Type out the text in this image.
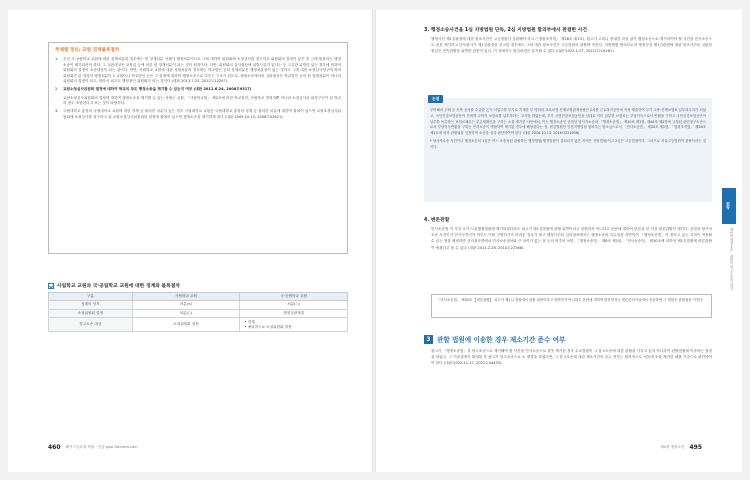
주제별 정리: 교원 징계불복절차
1.	우선 국·공립학교 교원에 대한 징계처분의 경우에는 헌 징계처분 자체가 행정처분이므로 그에 대하여 위원회에 소청심사를 청구하고 위원회의 결정이 있은 후 그에 불복하는 행정소송이 제기되어야 한다. 그 심판대상은 교육감 등에 의한 원 징계처분이 되는 것이 원칙이다. 다만, 위원회의 심사절차에 위법사유가 있다는 등 고유한 위법이 있는 경우에 한하여 위원회의 결정이 소송대상이 되는 것이다. 반면, 사립학교 교원에 대한 징계처분의 경우에는 학교법인 등의 징계처분은 행정처분성이 없는 것이고 그에 대한 소청심사청구에 따라 위원회가 한 결정이 행정처분이고 교원이나 학교법인 등은 그 결정에 대하여 행정소송으로 다투는 구조가 되므로, 행정소송에서의 심판대상은 학교법인 등의 원 징계처분이 아니라 위원회의 결정이 되고, 따라서 피고도 행정청인 위원회가 되는 것이다 (대판 2013.7.25, 2012두12297).

2.	교원소청심사위원회 결정에 대하여 학교의 장도 행정소송을 제기할 수 있는지 여부 (대판 2011.6.24, 2008두9317)

교원소청심사위원회의 결정에 대하여 행정소송을 제기할 수 있는 자에는 교원, 「사립학교법」 제2조에 의한 학교법인, 사립학교 경영자뿐 아니라 소청심사의 피청구인이 된 학교의 장도 포함된다고 보는 것이 타당하다.

3.	국립대학교 총장의 국립대학교 교원에 대한 징계 등 불리한 처분이 있는 경우 국립대학교 교원은 국립대학교 총장의 징계 등 불리한 처분에 대하여 불복이 있으면 교원소청심사위원회에 소청심사를 청구하고 위 교원소청심사위원회의 결정에 불복이 있으면 행정소송을 제기하게 된다 (대판 2009.10.15, 2008다32621).

사립학교 교원과 국·공립학교 교원에 대한 징계와 불복절차
구분	사립학교 교원	국·공립학교 교원
징계의 성격	처분(×)	처분(○)
소청위원회 결정	처분(○)	행정심판재결
항고소송 대상	소청위원회 결정	• 징계
• 예외적으로 소청위원회 결정
460 해커스공무원 학원 · 인강 gosi.Hackers.com
3. 행정소송사건을 1심 지방법원 단독, 2심 지방법원 합의부에서 판결한 사건
행정사건 제1심판결에 대한 항소사건은 고등법원이 심판해야 하고 (「법원조직법」 제28조 제1호), 원고가 고의나 중대한 과실 없이 행정소송으로 제기하여야 할 사건을 민사소송으로 잘못 제기하고 단독판사가 제1심판결을 선고한 경우에도 그에 대한 항소사건은 고등법원의 관할에 속한다. 지방법원 합의부로서 행정사건 제1심판결에 대한 항소사건을 심판한 원심은 전속관할을 위반한 잘못이 있다. 이 점에서도 원심판결은 유지될 수 없다 (대판 2022.1.27, 2021다219161).
논점

부여해서 주택 등 신축 공사를 수급한 乙이 사업주를 부가로 기재한 부 명의의 교육보험·산재보험관계성립신고서를 근로복지공단에 작성·제출하여 부가 고용·산재보험료 납부의무자가 되었고, 국민건강보험공단이 부에게 나머지 보험료를 납부하라는 고지를 하였는데, 부가 국민건강보험공단을 상대로 이미 납부한 보험료는 부당이득으로서 반환을 구하고 국민건강보험공단이 납부를 독촉하는 보험료채무는 부존재확인을 구하는 소를 제기한 사안에서, 이는 행정소송인 공법상 당사자소송과 「행정소송법」 제10조 제1항, 제44조 제2항에 규정된 관련청구소송으로서 부당이득반환을 구하는 민사소송이 병합하여 제기된 경우에 해당한다는 점, 원심법원인 인천지방법원 합의부는 항소심으로서 「민사소송법」 제34조 제1항, 「법원조직법」 제28조 제1호에 따라 관할권을 인정하여 소송을 심리·판단하여야 한다 (대판 2016.10.13, 2016다221658).

* 당사자소송 사건이나 행정소송의 1심은 여느 소송처럼 관할하는 행정법원(행정법원이 설치되지 않은 지역은 지방법원)이고 2심은 고등법원이다. 그러므로 서울고등법원이 관할이라는 것이다.

4. 변론관할
민사소송법 이 사건 소가 서울행정법원에 제기되었더라도 피고가 제1심법원에 관할 위반이라고 항변하지 아니하고 본안에 대하여 변론을 한 이상 변론관할이 생긴다. 공법상 당사자소송 사건인지 민사사건인지 여부는 이를 구별하기가 어려운 경우가 많고 행정사건의 심리절차에서는 행정소송의 특수성을 감안하여 「행정소송법」이 정하고 있는 특칙이 적용될 수 있는 점을 제외하면 심리절차면에서 민사소송절차와 큰 차이가 없는 점 등의 비추어 보면, 「행정소송법」 제8조 제2항, 「민사소송법」 제30조에 의하여 제1심법원에 변론관할이 생겼다고 볼 수 있다 (대판 2013.2.28, 2010두22368).
「민사소송법」 제30조 【변론관할】 피고가 제1심 법원에서 관할 위반이라고 항변하지 아니하고 본안에 대하여 변론하거나 변론준비기일에서 진술하면 그 법원은 관할권을 가진다.
3 관할 법원에 이송한 경우 제소기간 준수 여부
원고가 「행정소송법」상 항고소송으로 제기해야 할 사건을 민사소송으로 잘못 제기한 경우 수소법원이 그 항고소송에 대한 관할을 가지고 있지 아니하여 관할법원에 이송하는 결정을 하였고, 그 이송결정이 확정된 후 원고가 항고소송으로 소 변경을 하였다면, 그 항고소송에 대한 제소기간의 준수 여부는 원칙적으로 처음에 소를 제기한 때를 기준으로 판단하여야 한다 (대판 2022.11.17, 2021두44425).
회독
제1편 행정소송 · 제2장 항고소송의 대상
제4장 행정소송 495
